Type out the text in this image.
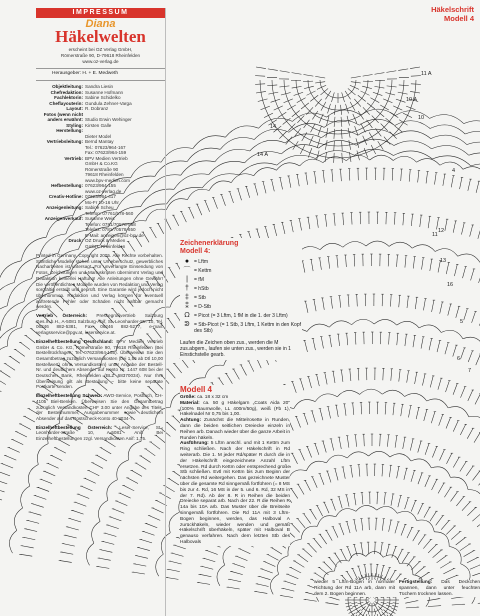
14
14 A
10 A
10
11 A
11
12
13
16
4
5
6
7
Häkelschrift
Modell 4
IMPRESSUM
Diana
Häkelwelten
erscheint bei OZ Verlag GmbH,
Römerstraße 90, D-79618 Rheinfelden
www.oz-verlag.de
Herausgeber: H. + E. Medweth
Objektleitung: Sandra Liesin
Chefredaktion: Susanne Hofmann
Fachlektorin: Sabine Schidelko
Cheflayouterin: Gundula Zehner-Varga
Layout: R. Dobranz
Fotos (wenn nicht
anders erwähnt: Studio Erwin Wehinger
Styling: Kirsten Galle
Herstellung:
Dieter Model
Vertriebsleitung: Bernd Mantay
Tel.: 07623/964-167
Fax: 07623/964-159
Vertrieb: BPV Medien Vertrieb
GmbH & Co.KG
Römerstraße 90
79618 Rheinfelden
www.bpv-medien.com
Hefbestellung: 07623/964-155
www.oz-verlag.de
Creativ-Hotline: 07623/964-417
Mo-Fr 10-16 Uhr
Anzeigenleitung: Sabine Scheu
Telefon: 07761/578-560
Anzeigenverkauf: Susanne Weis
Telefon: 0781/70578-568
Telefax: 0781/70578-650
E-Mail: anzeigen@oz-bpv.de
Druck: OZ Druck & Medien
GmbH, Rheinfelden

Printed in Germany. Copyright 2005. Alle Rechte vorbehalten. Sämtliche Modelle stehen unter Urheberschutz, gewerbliches Nacharbeiten ist untersagt. Für unverlangte Einsendung von Fotos, Zeichnungen und Manuskripten übernimmt Verlag und Redaktion keinerlei Haftung! Alle Anleitungen ohne Gewähr! Die veröffentlichten Modelle wurden von Redaktion und Verlag sorgfältig erstellt und geprüft. Eine Garantie wird jedoch nicht übernommen. Redaktion und Verlag können für eventuell auftretende Fehler oder Schäden nicht haftbar gemacht werden.

Vertrieb Österreich: Pressegroßvertrieb Salzburg Ges.m.b.H., A-5081 Salzburg-Anif, St.-Leonharder-Str. 10, Tel. 06246 882-5381, Fax 06246 882-5277, e-mail: verlagsservice@pgv.at, leserservice.at.

Einzelheftbestellung Deutschland: BPV Medien Vertrieb GmbH & Co. KG, Römerstraße 90, 79618 Rheinfelden (Bei Bestellrückfragen: Tel. 07623/964-155). Überweisen Sie den Gesamtbetrag zuzüglich Versandkosten (bei 1,56 ab Dtl 10,00 Bestellwert) ohne Versandkosten) unter Angabe der Bestell-Nr. und deutlichem Absender auf Konto Nr. 1447 608 bei der Deutschen Bank, Rheinfelden (BLZ 68370034). Nur Ihre Überweisung gilt als Bestellung – bitte keine separate Postkarte senden.

Einzelheftbestellung Schweiz: AWO-Service, Postfach, CH-4105 Biel-Benken. Überweisen Sie den Gesamtbetrag zuzüglich Versandkosten CHF 3.00 unter Angabe des Titels, der Bestellnummer, Ausgabenummer sowie deutlichem Absender auf das Postscheck-Konto 40-8034-7.

Einzelheftbestellung Österreich: Leser-Service, St.-Leonharder-Straße 10, A-5081 Anif. Bei Einzelheftbestellungen zzgl. Versandkosten Anif: 1,75.

Zeichenerklärung
Modell 4:
● = Lftm
⌒ = Kettm
|	= fM
†	= hStb
‡	= Stb
⁑	= D-Stb
ᘯ = Picot (= 3 Lftm, 1 fM in die 1. der 3 Lftm)
ᕲ = Stb-Picot (= 1 Stb, 3 Lftm, 1 Kettm in den Kopf des Stb)
Laufen die Zeichen oben zus., werden die M zus.abgem., laufen sie unten zus., werden sie in 1 Einstichstelle gearb.
Modell 4
Größe: ca. 18 x 32 cm
Material: ca. 50 g Häkelgarn „Coats Aida 20" (100% Baumwolle, LL 400m/50g), weiß (Fb 1), Häkelnadel Nr 0,75 bis 1,00.
Achtung: Zunächst die Mittelrosette in Runden, dann die beiden seitlichen Dreiecke einzeln in Reihen arb. Danach wieder über die ganze Arbeit in Runden häkeln.
Ausführung: 5 Lftm anschl. und mit 1 Kettm zum Ring schließen. Nach der Häkelschrift in Rd weiterarb. Die 1. M jeder Rd/später R durch die in der Häkelschrift eingezeichnete Anzahl Lftm ersetzen. Rd durch Kettm oder entsprechend große Stb schließen. Evtl mit Kettm bis zum Beginn der nächsten Rd weitergehen. Das gezeichnete Muster über die gesamte Rd sinngemäß fortführen (= 8 MS bis zur 4. Rd, 16 MS in der 5. und 6. Rd, 32 MS in der 7. Rd). Ab der 8. R in Reihen die beiden Dreiecke separat arb. Nach der 22. R die Reihen R 14a bis 10A arb. Das Muster über die Breitseite sinngemäß fortführen. Die Rd 11A mit 3 Lftm-Bogen beginnen, werden, das Halboval A zurückhäkeln, wieder wenden und gemäß Häkelschrift überhäkeln, später mit Halboval B genauso verfahren. Nach dem letzten Stb des Halbovals

wieder 5 Lftm-Bogen in normaler Richtung der Rd 11A arb, dann mit dem 2. Bogen beginnen.
Fertigstellung: Das Deckchen spannen, dann unter feuchten Tüchern trocknen lassen.
